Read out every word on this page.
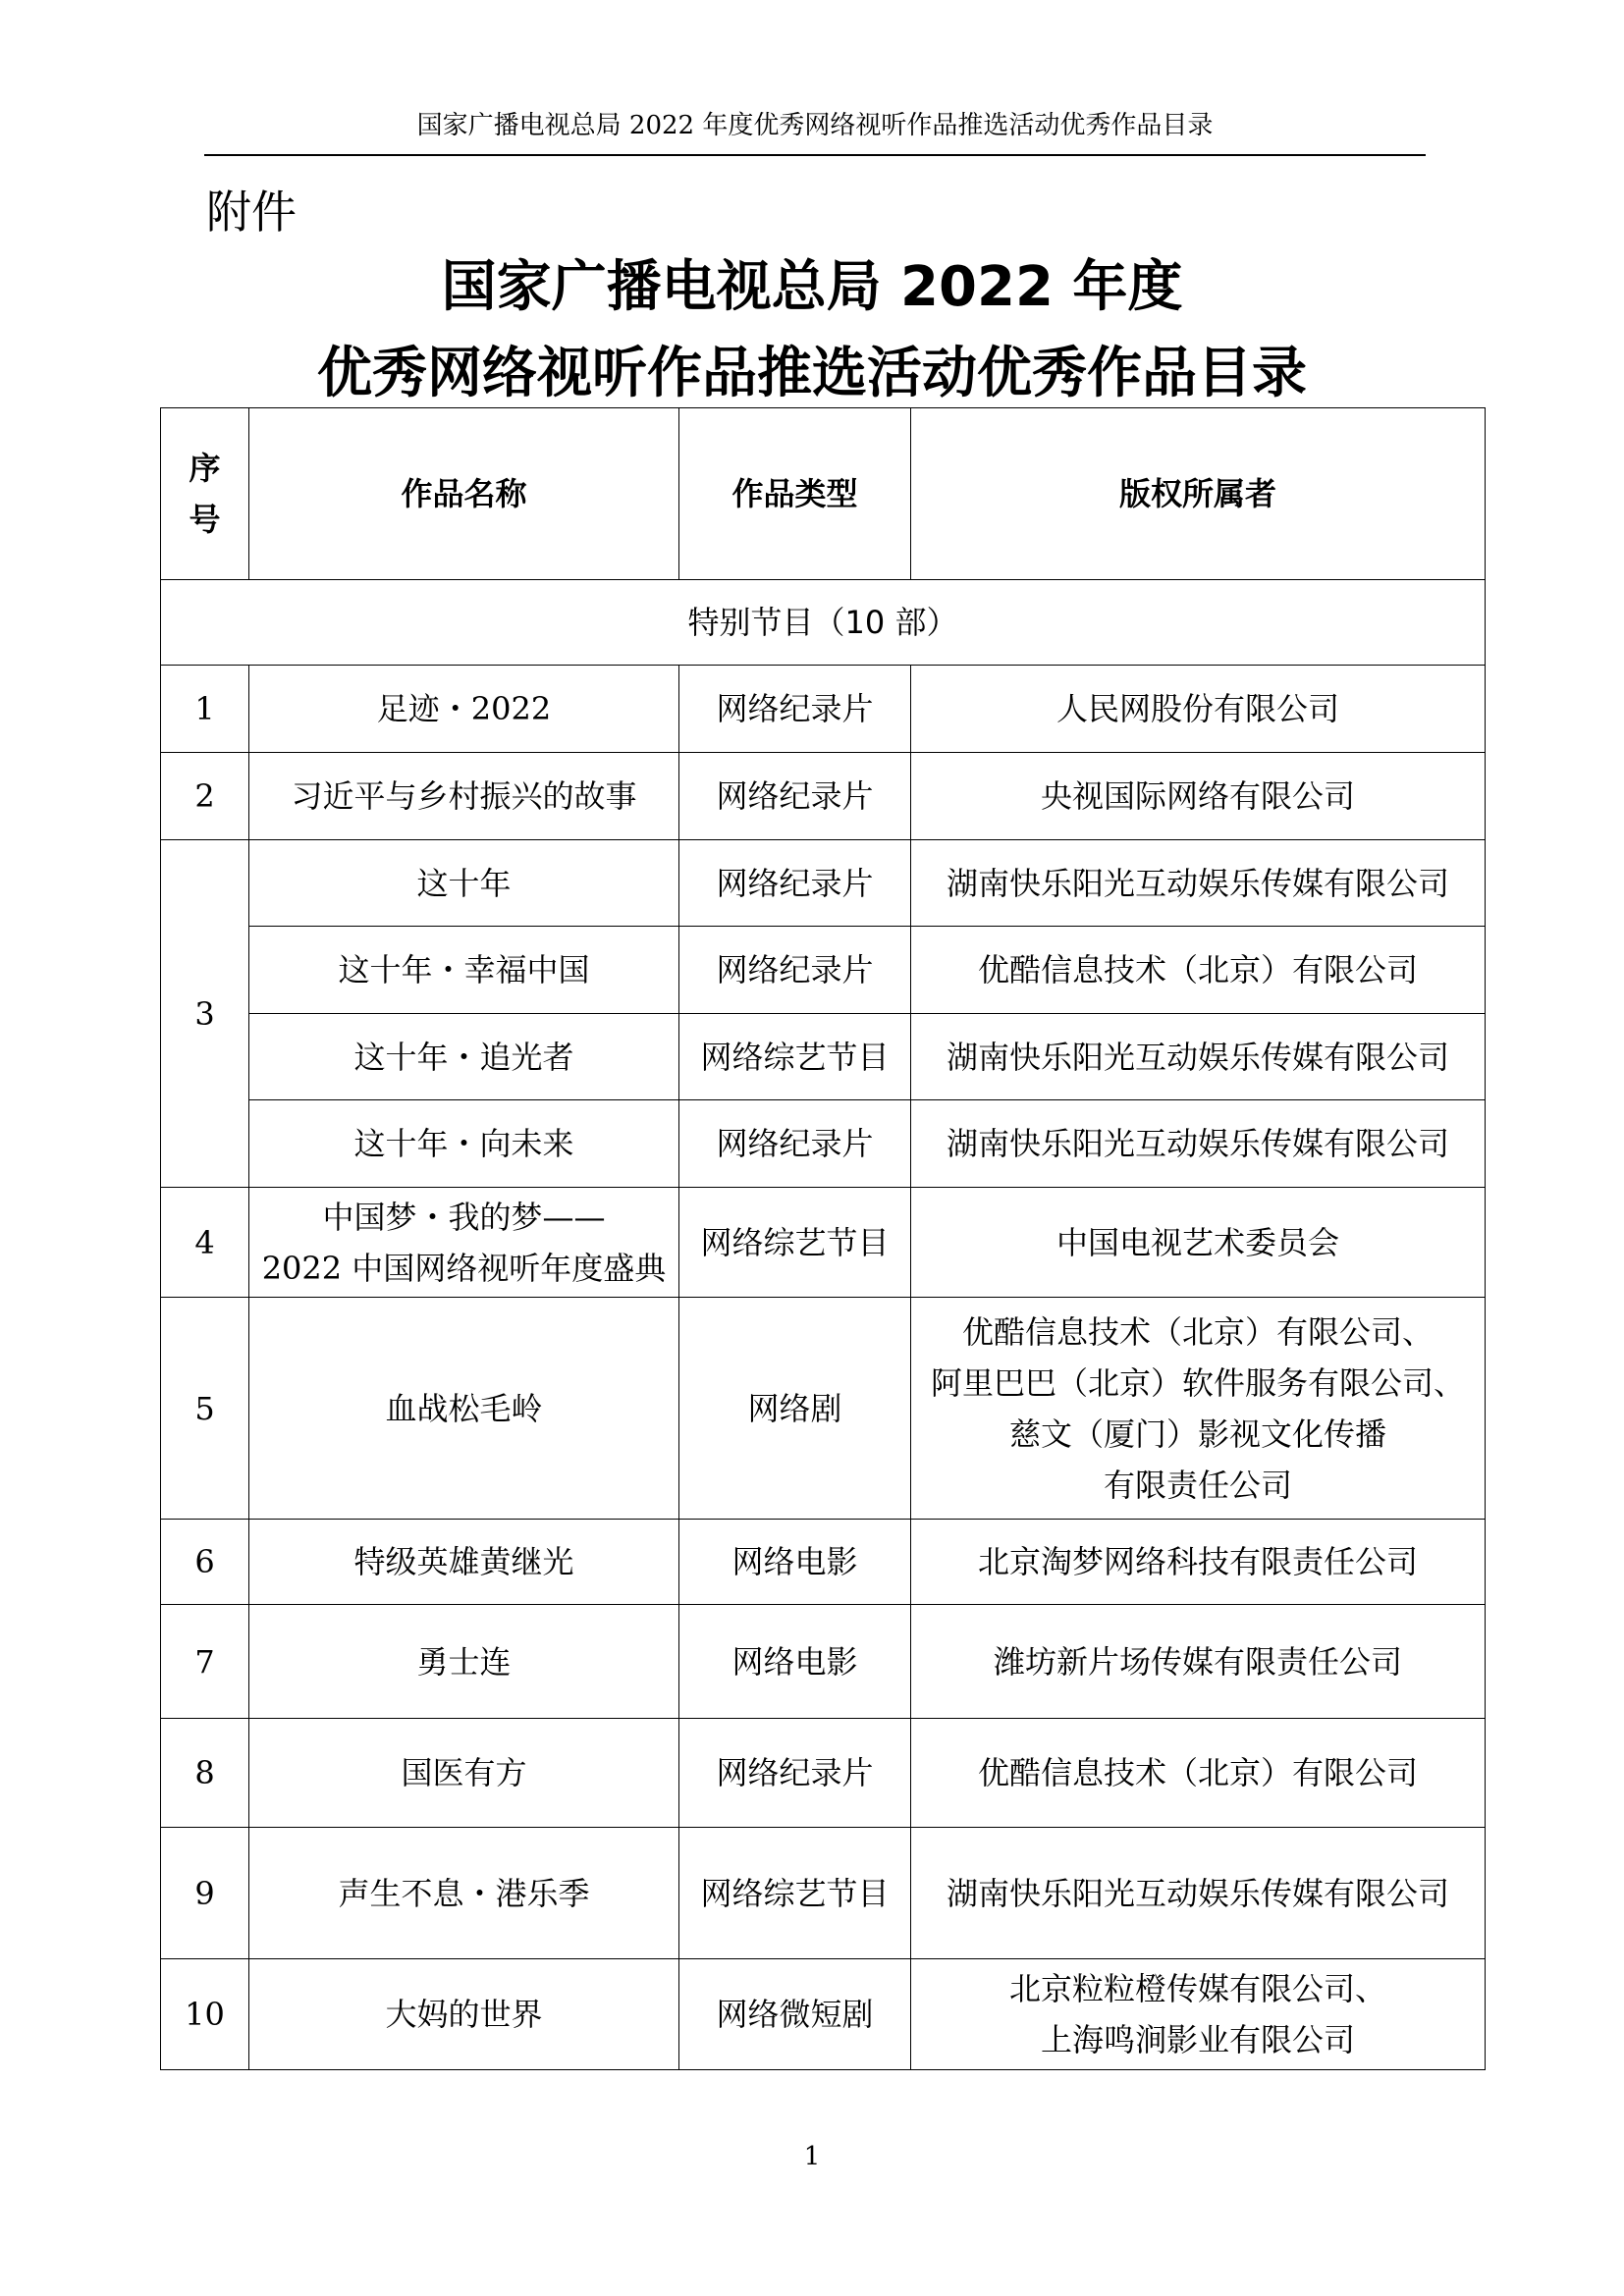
国家广播电视总局 2022 年度优秀网络视听作品推选活动优秀作品目录
附件
国家广播电视总局 2022 年度
优秀网络视听作品推选活动优秀作品目录
序
号	作品名称	作品类型	版权所属者
特别节目（10 部）			
1	足迹・2022	网络纪录片	人民网股份有限公司
2	习近平与乡村振兴的故事	网络纪录片	央视国际网络有限公司
3	这十年	网络纪录片	湖南快乐阳光互动娱乐传媒有限公司
	这十年・幸福中国	网络纪录片	优酷信息技术（北京）有限公司
	这十年・追光者	网络综艺节目	湖南快乐阳光互动娱乐传媒有限公司
	这十年・向未来	网络纪录片	湖南快乐阳光互动娱乐传媒有限公司
4	中国梦・我的梦——
2022 中国网络视听年度盛典	网络综艺节目	中国电视艺术委员会
5	血战松毛岭	网络剧	优酷信息技术（北京）有限公司、
阿里巴巴（北京）软件服务有限公司、
慈文（厦门）影视文化传播
有限责任公司

6	特级英雄黄继光	网络电影	北京淘梦网络科技有限责任公司
7	勇士连	网络电影	潍坊新片场传媒有限责任公司
8	国医有方	网络纪录片	优酷信息技术（北京）有限公司
9	声生不息・港乐季	网络综艺节目	湖南快乐阳光互动娱乐传媒有限公司
10	大妈的世界	网络微短剧	北京粒粒橙传媒有限公司、
上海鸣涧影业有限公司
1
